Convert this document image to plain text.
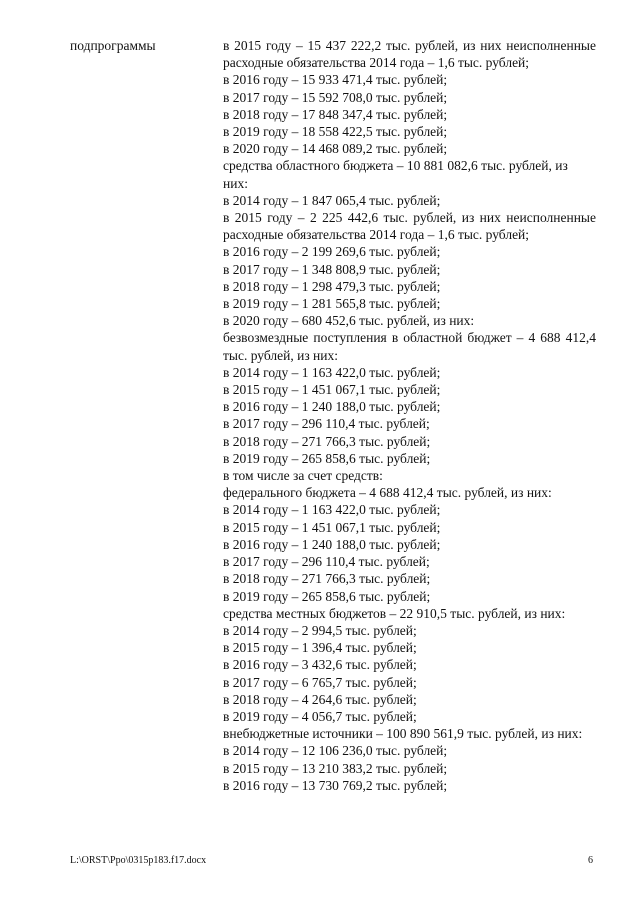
подпрограммы	в 2015 году – 15 437 222,2 тыс. рублей, из них неисполненные расходные обязательства 2014 года – 1,6 тыс. рублей;

в 2016 году – 15 933 471,4 тыс. рублей;

в 2017 году – 15 592 708,0 тыс. рублей;

в 2018 году – 17 848 347,4 тыс. рублей;

в 2019 году – 18 558 422,5 тыс. рублей;

в 2020 году – 14 468 089,2 тыс. рублей;

средства областного бюджета – 10 881 082,6 тыс. рублей, из них:

в 2014 году – 1 847 065,4 тыс. рублей;

в 2015 году – 2 225 442,6 тыс. рублей, из них неисполненные расходные обязательства 2014 года – 1,6 тыс. рублей;

в 2016 году – 2 199 269,6 тыс. рублей;

в 2017 году – 1 348 808,9 тыс. рублей;

в 2018 году – 1 298 479,3 тыс. рублей;

в 2019 году – 1 281 565,8 тыс. рублей;

в 2020 году – 680 452,6 тыс. рублей, из них:

безвозмездные поступления в областной бюджет – 4 688 412,4 тыс. рублей, из них:

в 2014 году – 1 163 422,0 тыс. рублей;

в 2015 году – 1 451 067,1 тыс. рублей;

в 2016 году – 1 240 188,0 тыс. рублей;

в 2017 году – 296 110,4 тыс. рублей;

в 2018 году – 271 766,3 тыс. рублей;

в 2019 году – 265 858,6 тыс. рублей;

в том числе за счет средств:

федерального бюджета – 4 688 412,4 тыс. рублей, из них:

в 2014 году – 1 163 422,0 тыс. рублей;

в 2015 году – 1 451 067,1 тыс. рублей;

в 2016 году – 1 240 188,0 тыс. рублей;

в 2017 году – 296 110,4 тыс. рублей;

в 2018 году – 271 766,3 тыс. рублей;

в 2019 году – 265 858,6 тыс. рублей;

средства местных бюджетов – 22 910,5 тыс. рублей, из них:

в 2014 году – 2 994,5 тыс. рублей;

в 2015 году – 1 396,4 тыс. рублей;

в 2016 году – 3 432,6 тыс. рублей;

в 2017 году – 6 765,7 тыс. рублей;

в 2018 году – 4 264,6 тыс. рублей;

в 2019 году – 4 056,7 тыс. рублей;

внебюджетные источники – 100 890 561,9 тыс. рублей, из них:

в 2014 году – 12 106 236,0 тыс. рублей;

в 2015 году – 13 210 383,2 тыс. рублей;

в 2016 году – 13 730 769,2 тыс. рублей;

L:\ORST\Ppo\0315p183.f17.docx	6
